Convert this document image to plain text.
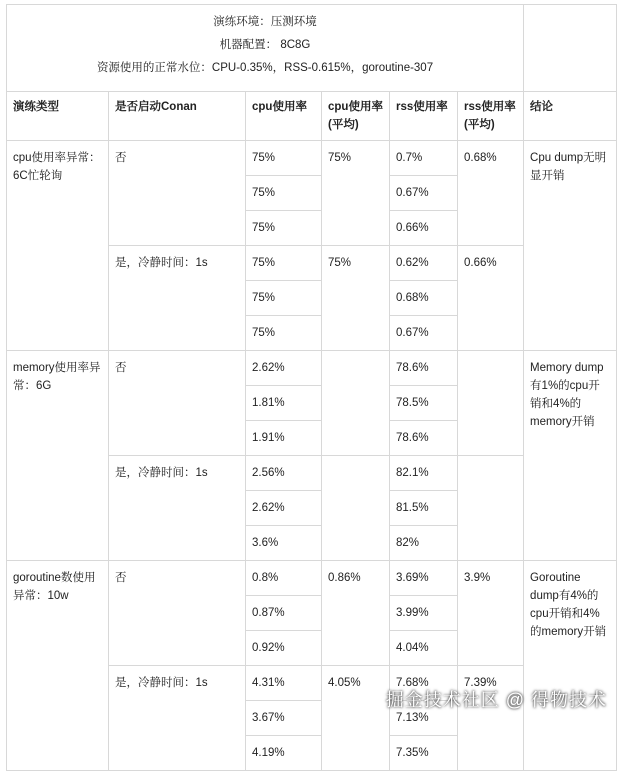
演练环境：压测环境
机器配置： 8C8G
资源使用的正常水位：CPU-0.35%，RSS-0.615%，goroutine-307						

演练类型	是否启动Conan	cpu使用率	cpu使用率(平均)	rss使用率	rss使用率(平均)	结论
cpu使用率异常：6C忙轮询	否	75%	75%	0.7%	0.68%	Cpu dump无明显开销
		75%		0.67%		
		75%		0.66%		
	是，冷静时间：1s	75%	75%	0.62%	0.66%	
		75%		0.68%		
		75%		0.67%		
memory使用率异常：6G	否	2.62%		78.6%		Memory dump有1%的cpu开销和4%的memory开销
		1.81%		78.5%		
		1.91%		78.6%		
	是，冷静时间：1s	2.56%		82.1%		
		2.62%		81.5%		
		3.6%		82%		
goroutine数使用异常：10w	否	0.8%	0.86%	3.69%	3.9%	Goroutine dump有4%的cpu开销和4%的memory开销
		0.87%		3.99%		
		0.92%		4.04%		
	是，冷静时间：1s	4.31%	4.05%	7.68%	7.39%	
		3.67%		7.13%		
		4.19%		7.35%		
掘金技术社区 @ 得物技术
